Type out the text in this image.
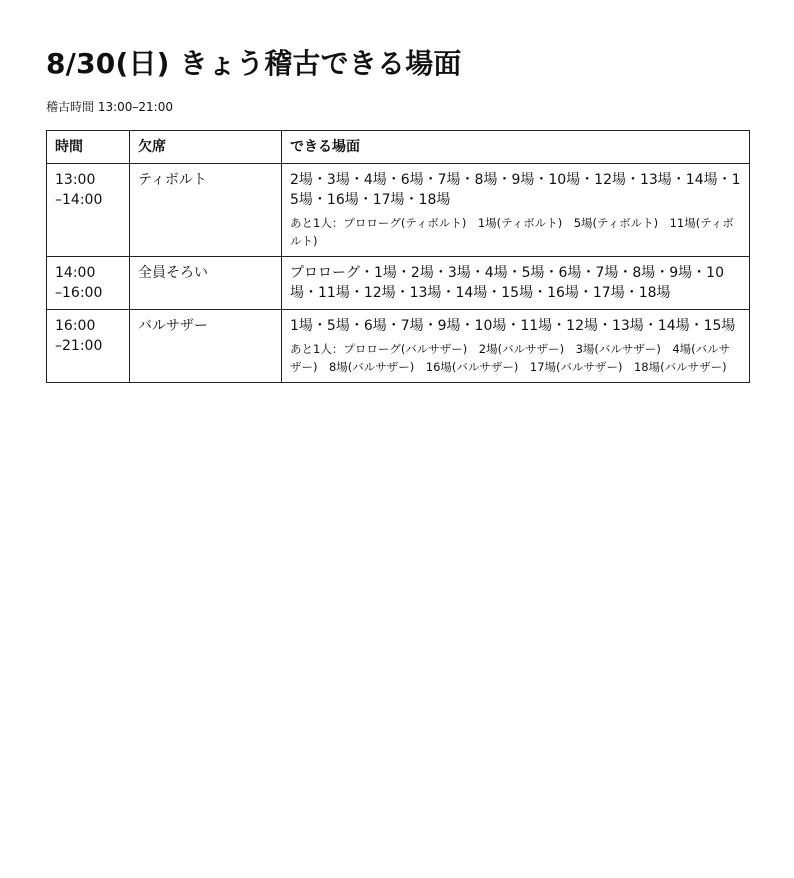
8/30(日) きょう稽古できる場面
稽古時間 13:00–21:00
時間	欠席	できる場面

13:00
–14:00	ティボルト	2場・3場・4場・6場・7場・8場・9場・10場・12場・13場・14場・15場・16場・17場・18場
あと1人：プロローグ(ティボルト)　1場(ティボルト)　5場(ティボルト)　11場(ティボルト)

14:00
–16:00	全員そろい	プロローグ・1場・2場・3場・4場・5場・6場・7場・8場・9場・10場・11場・12場・13場・14場・15場・16場・17場・18場

16:00
–21:00	バルサザー	1場・5場・6場・7場・9場・10場・11場・12場・13場・14場・15場
あと1人：プロローグ(バルサザー)　2場(バルサザー)　3場(バルサザー)　4場(バルサザー)　8場(バルサザー)　16場(バルサザー)　17場(バルサザー)　18場(バルサザー)
